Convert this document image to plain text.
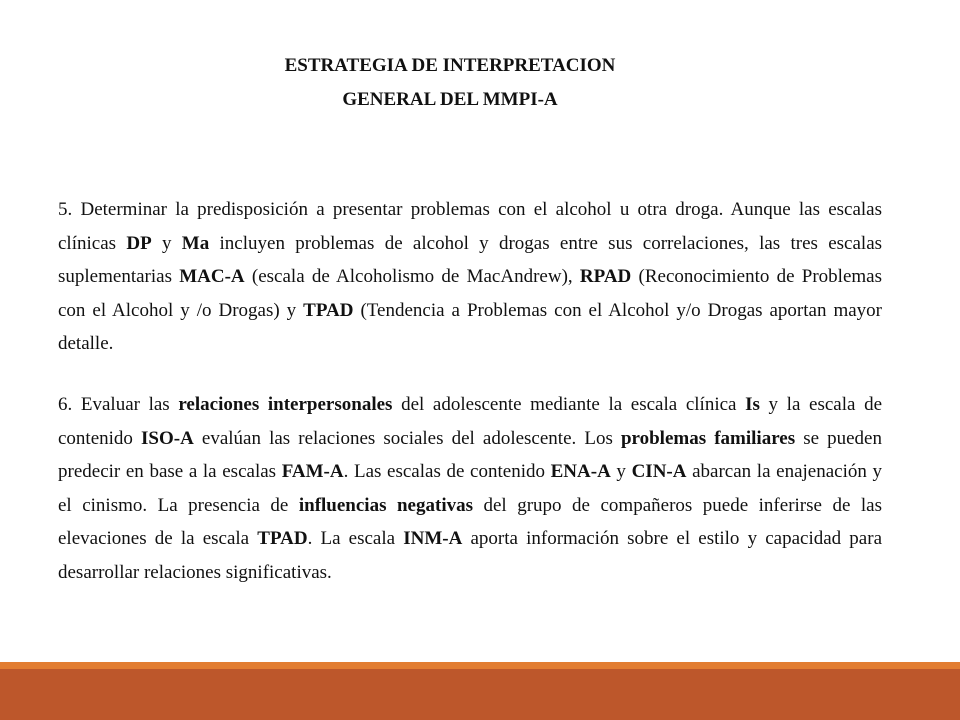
ESTRATEGIA DE INTERPRETACION
GENERAL DEL MMPI-A

5. Determinar la predisposición a presentar problemas con el alcohol u otra droga. Aunque las escalas clínicas DP y Ma incluyen problemas de alcohol y drogas entre sus correlaciones, las tres escalas suplementarias MAC-A (escala de Alcoholismo de MacAndrew), RPAD (Reconocimiento de Problemas con el Alcohol y /o Drogas) y TPAD (Tendencia a Problemas con el Alcohol y/o Drogas aportan mayor detalle.

6. Evaluar las relaciones interpersonales del adolescente mediante la escala clínica Is y la escala de contenido ISO-A evalúan las relaciones sociales del adolescente. Los problemas familiares se pueden predecir en base a la escalas FAM-A. Las escalas de contenido ENA-A y CIN-A abarcan la enajenación y el cinismo. La presencia de influencias negativas del grupo de compañeros puede inferirse de las elevaciones de la escala TPAD. La escala INM-A aporta información sobre el estilo y capacidad para desarrollar relaciones significativas.
